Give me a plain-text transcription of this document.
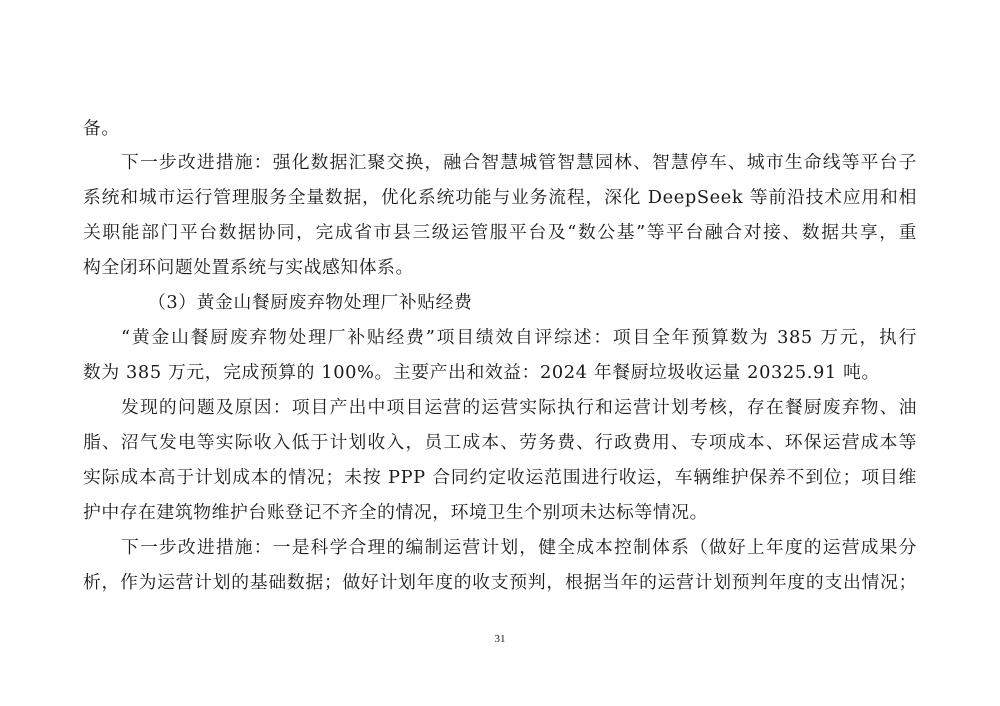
备。
下一步改进措施：强化数据汇聚交换，融合智慧城管智慧园林、智慧停车、城市生命线等平台子
系统和城市运行管理服务全量数据，优化系统功能与业务流程，深化 DeepSeek 等前沿技术应用和相
关职能部门平台数据协同，完成省市县三级运管服平台及“数公基”等平台融合对接、数据共享，重
构全闭环问题处置系统与实战感知体系。
（3）黄金山餐厨废弃物处理厂补贴经费
“黄金山餐厨废弃物处理厂补贴经费”项目绩效自评综述：项目全年预算数为 385 万元，执行
数为 385 万元，完成预算的 100%。主要产出和效益：2024 年餐厨垃圾收运量 20325.91 吨。
发现的问题及原因：项目产出中项目运营的运营实际执行和运营计划考核，存在餐厨废弃物、油
脂、沼气发电等实际收入低于计划收入，员工成本、劳务费、行政费用、专项成本、环保运营成本等
实际成本高于计划成本的情况；未按 PPP 合同约定收运范围进行收运，车辆维护保养不到位；项目维
护中存在建筑物维护台账登记不齐全的情况，环境卫生个别项未达标等情况。
下一步改进措施：一是科学合理的编制运营计划，健全成本控制体系（做好上年度的运营成果分
析，作为运营计划的基础数据；做好计划年度的收支预判，根据当年的运营计划预判年度的支出情况；
31
